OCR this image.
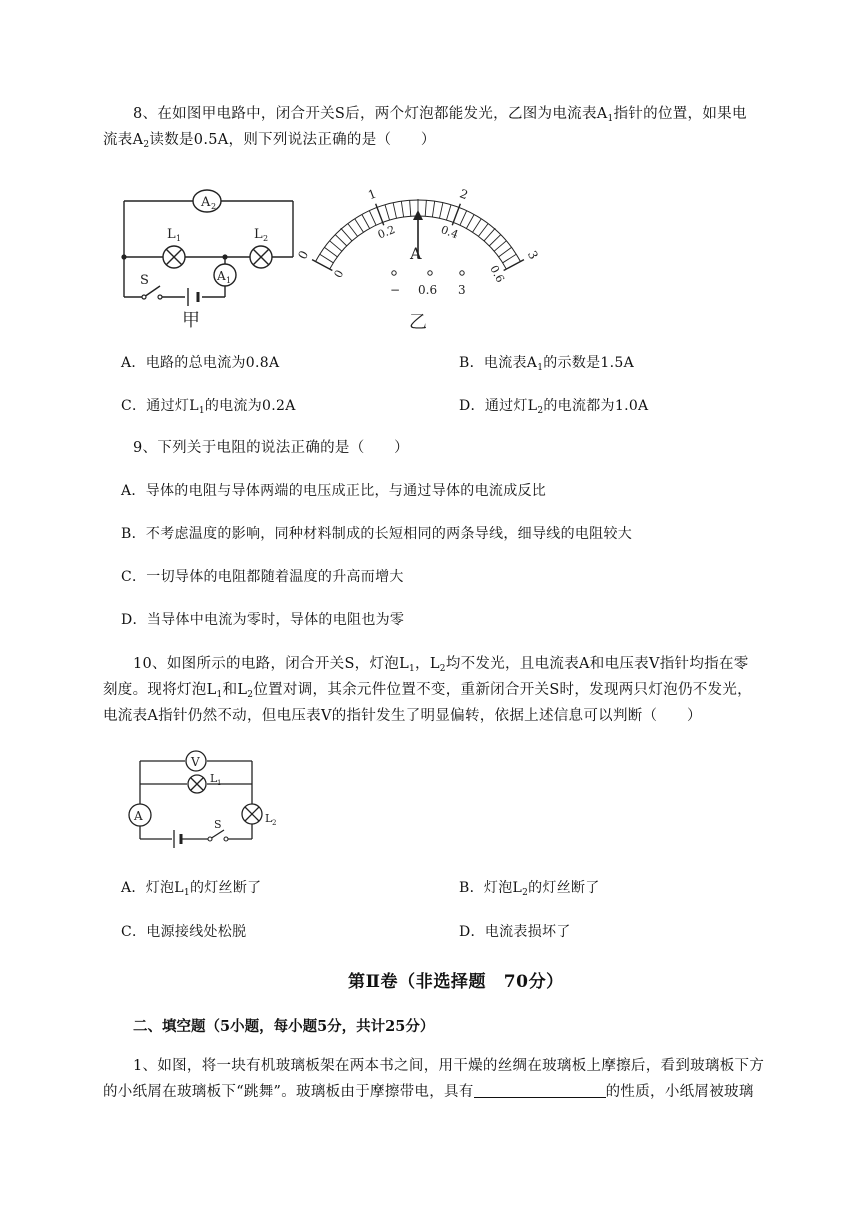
8、在如图甲电路中，闭合开关S后，两个灯泡都能发光，乙图为电流表$A_1$指针的位置，如果电
流表$A_2$读数是0.5A，则下列说法正确的是（　　）
A 2
L 1	L 2
A 1
S
甲
0
1	2
3
0
0.2	0.4
0.6
A
− 0.6 3
乙
A．电路的总电流为0.8A	B．电流表$A_1$的示数是1.5A
C．通过灯$L_1$的电流为0.2A	D．通过灯$L_2$的电流都为1.0A
9、下列关于电阻的说法正确的是（　　）
A．导体的电阻与导体两端的电压成正比，与通过导体的电流成反比
B．不考虑温度的影响，同种材料制成的长短相同的两条导线，细导线的电阻较大
C．一切导体的电阻都随着温度的升高而增大
D．当导体中电流为零时，导体的电阻也为零
10、如图所示的电路，闭合开关S，灯泡$L_1$，$L_2$均不发光，且电流表A和电压表V指针均指在零
刻度。现将灯泡$L_1$和$L_2$位置对调，其余元件位置不变，重新闭合开关S时，发现两只灯泡仍不发光，
电流表A指针仍然不动，但电压表V的指针发生了明显偏转，依据上述信息可以判断（　　）
S
V
L 1
A	L 2
A．灯泡$L_1$的灯丝断了	B．灯泡$L_2$的灯丝断了
C．电源接线处松脱	D．电流表损坏了
第Ⅱ卷（非选择题　70分）
二、填空题（5小题，每小题5分，共计25分）
1、如图，将一块有机玻璃板架在两本书之间，用干燥的丝绸在玻璃板上摩擦后，看到玻璃板下方
的小纸屑在玻璃板下“跳舞”。玻璃板由于摩擦带电，具有	的性质，小纸屑被玻璃
